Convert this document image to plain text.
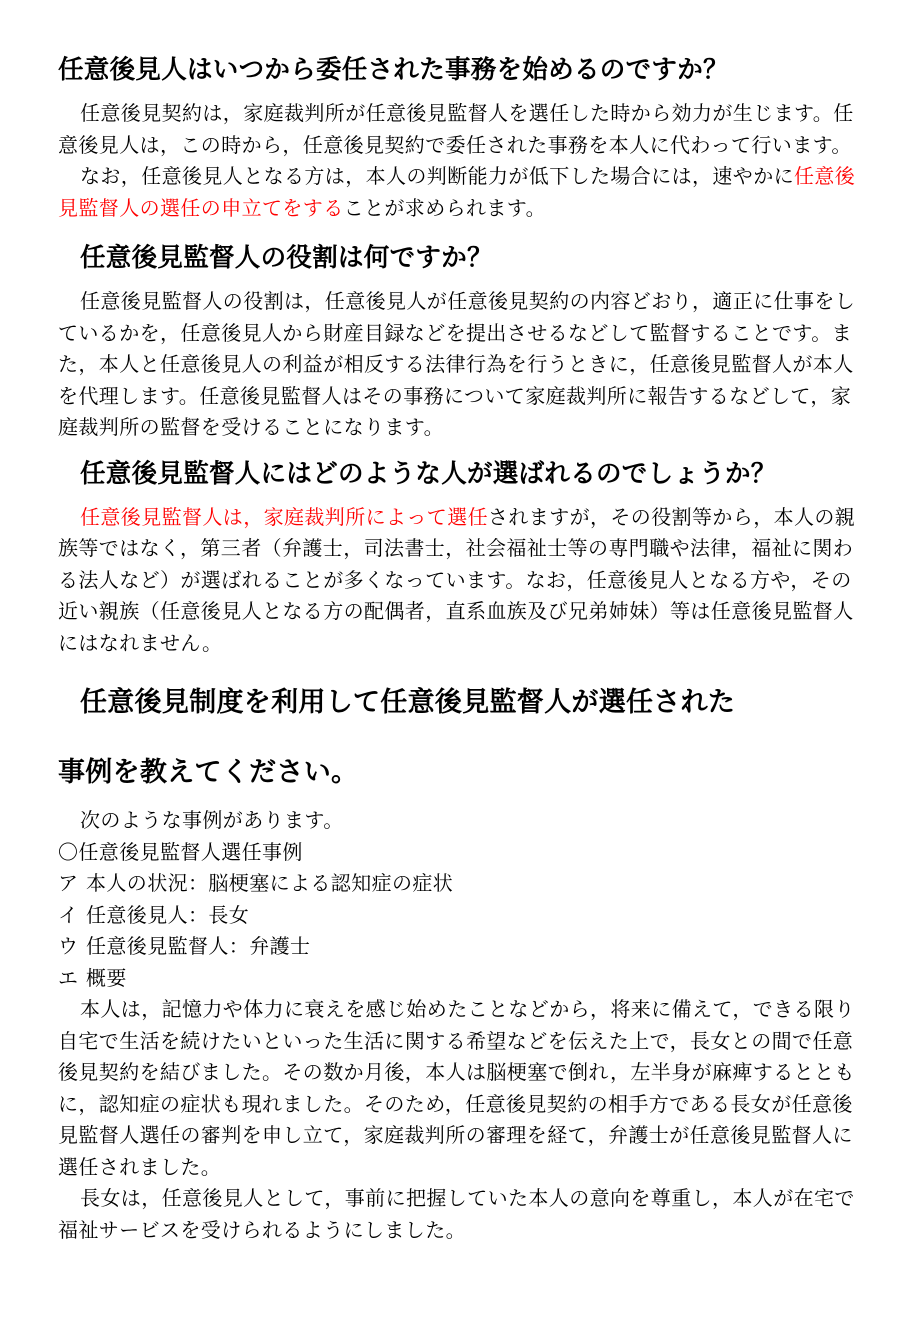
任意後見人はいつから委任された事務を始めるのですか？

任意後見契約は，家庭裁判所が任意後見監督人を選任した時から効力が生じます。任意後見人は，この時から，任意後見契約で委任された事務を本人に代わって行います。

なお，任意後見人となる方は，本人の判断能力が低下した場合には，速やかに任意後見監督人の選任の申立てをすることが求められます。

任意後見監督人の役割は何ですか？

任意後見監督人の役割は，任意後見人が任意後見契約の内容どおり，適正に仕事をしているかを，任意後見人から財産目録などを提出させるなどして監督することです。また，本人と任意後見人の利益が相反する法律行為を行うときに，任意後見監督人が本人を代理します。任意後見監督人はその事務について家庭裁判所に報告するなどして，家庭裁判所の監督を受けることになります。

任意後見監督人にはどのような人が選ばれるのでしょうか？

任意後見監督人は，家庭裁判所によって選任されますが，その役割等から，本人の親族等ではなく，第三者（弁護士，司法書士，社会福祉士等の専門職や法律，福祉に関わる法人など）が選ばれることが多くなっています。なお，任意後見人となる方や，その近い親族（任意後見人となる方の配偶者，直系血族及び兄弟姉妹）等は任意後見監督人にはなれません。

任意後見制度を利用して任意後見監督人が選任された
事例を教えてください。

次のような事例があります。

〇任意後見監督人選任事例

ア 本人の状況：脳梗塞による認知症の症状

イ 任意後見人：長女

ウ 任意後見監督人：弁護士

エ 概要

本人は，記憶力や体力に衰えを感じ始めたことなどから，将来に備えて，できる限り自宅で生活を続けたいといった生活に関する希望などを伝えた上で，長女との間で任意後見契約を結びました。その数か月後，本人は脳梗塞で倒れ，左半身が麻痺するとともに，認知症の症状も現れました。そのため，任意後見契約の相手方である長女が任意後見監督人選任の審判を申し立て，家庭裁判所の審理を経て，弁護士が任意後見監督人に選任されました。

長女は，任意後見人として，事前に把握していた本人の意向を尊重し，本人が在宅で福祉サービスを受けられるようにしました。
